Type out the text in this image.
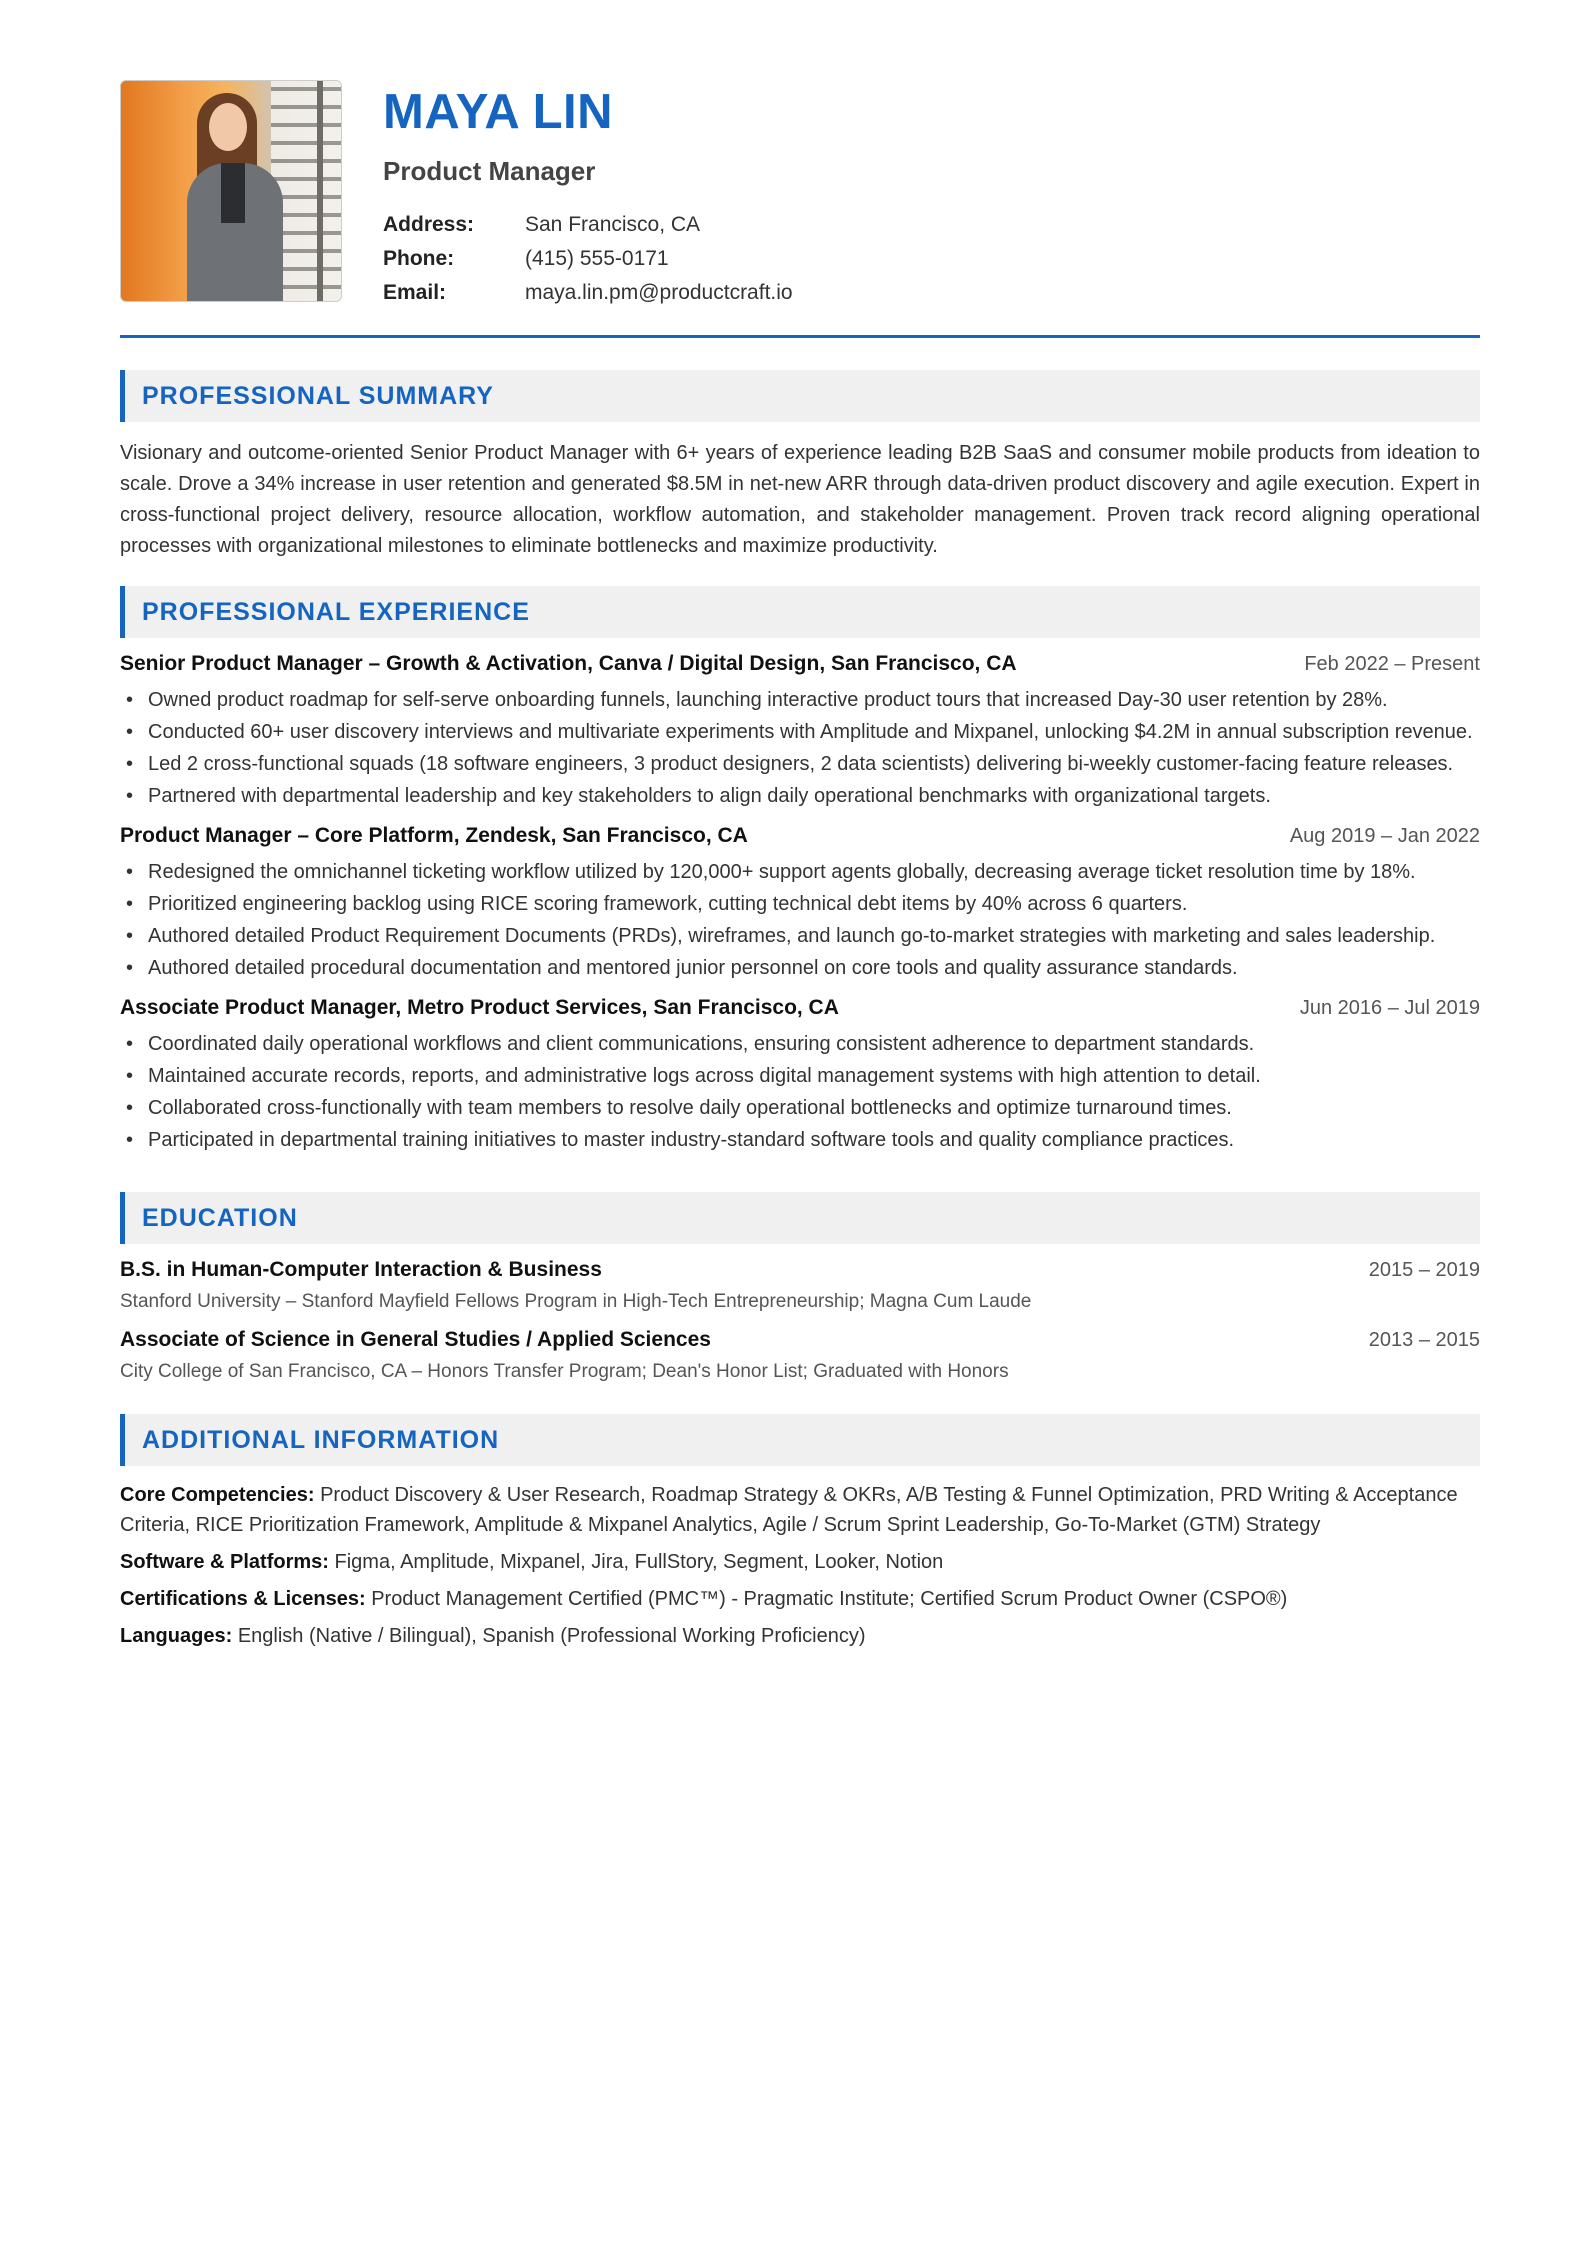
MAYA LIN
Product Manager
Address:	San Francisco, CA
Phone:	(415) 555-0171
Email:	maya.lin.pm@productcraft.io
PROFESSIONAL SUMMARY

Visionary and outcome-oriented Senior Product Manager with 6+ years of experience leading B2B SaaS and consumer mobile products from ideation to scale. Drove a 34% increase in user retention and generated $8.5M in net-new ARR through data-driven product discovery and agile execution. Expert in cross-functional project delivery, resource allocation, workflow automation, and stakeholder management. Proven track record aligning operational processes with organizational milestones to eliminate bottlenecks and maximize productivity.

PROFESSIONAL EXPERIENCE
Senior Product Manager – Growth & Activation, Canva / Digital Design, San Francisco, CA	Feb 2022 – Present
• Owned product roadmap for self-serve onboarding funnels, launching interactive product tours that increased Day-30 user retention by 28%.
• Conducted 60+ user discovery interviews and multivariate experiments with Amplitude and Mixpanel, unlocking $4.2M in annual subscription revenue.
• Led 2 cross-functional squads (18 software engineers, 3 product designers, 2 data scientists) delivering bi-weekly customer-facing feature releases.
• Partnered with departmental leadership and key stakeholders to align daily operational benchmarks with organizational targets.
Product Manager – Core Platform, Zendesk, San Francisco, CA	Aug 2019 – Jan 2022
• Redesigned the omnichannel ticketing workflow utilized by 120,000+ support agents globally, decreasing average ticket resolution time by 18%.
• Prioritized engineering backlog using RICE scoring framework, cutting technical debt items by 40% across 6 quarters.
• Authored detailed Product Requirement Documents (PRDs), wireframes, and launch go-to-market strategies with marketing and sales leadership.
• Authored detailed procedural documentation and mentored junior personnel on core tools and quality assurance standards.
Associate Product Manager, Metro Product Services, San Francisco, CA	Jun 2016 – Jul 2019
• Coordinated daily operational workflows and client communications, ensuring consistent adherence to department standards.
• Maintained accurate records, reports, and administrative logs across digital management systems with high attention to detail.
• Collaborated cross-functionally with team members to resolve daily operational bottlenecks and optimize turnaround times.
• Participated in departmental training initiatives to master industry-standard software tools and quality compliance practices.
EDUCATION
B.S. in Human-Computer Interaction & Business	2015 – 2019
Stanford University – Stanford Mayfield Fellows Program in High-Tech Entrepreneurship; Magna Cum Laude
Associate of Science in General Studies / Applied Sciences	2013 – 2015
City College of San Francisco, CA – Honors Transfer Program; Dean's Honor List; Graduated with Honors
ADDITIONAL INFORMATION

Core Competencies: Product Discovery & User Research, Roadmap Strategy & OKRs, A/B Testing & Funnel Optimization, PRD Writing & Acceptance Criteria, RICE Prioritization Framework, Amplitude & Mixpanel Analytics, Agile / Scrum Sprint Leadership, Go-To-Market (GTM) Strategy

Software & Platforms: Figma, Amplitude, Mixpanel, Jira, FullStory, Segment, Looker, Notion

Certifications & Licenses: Product Management Certified (PMC™) - Pragmatic Institute; Certified Scrum Product Owner (CSPO®)

Languages: English (Native / Bilingual), Spanish (Professional Working Proficiency)
